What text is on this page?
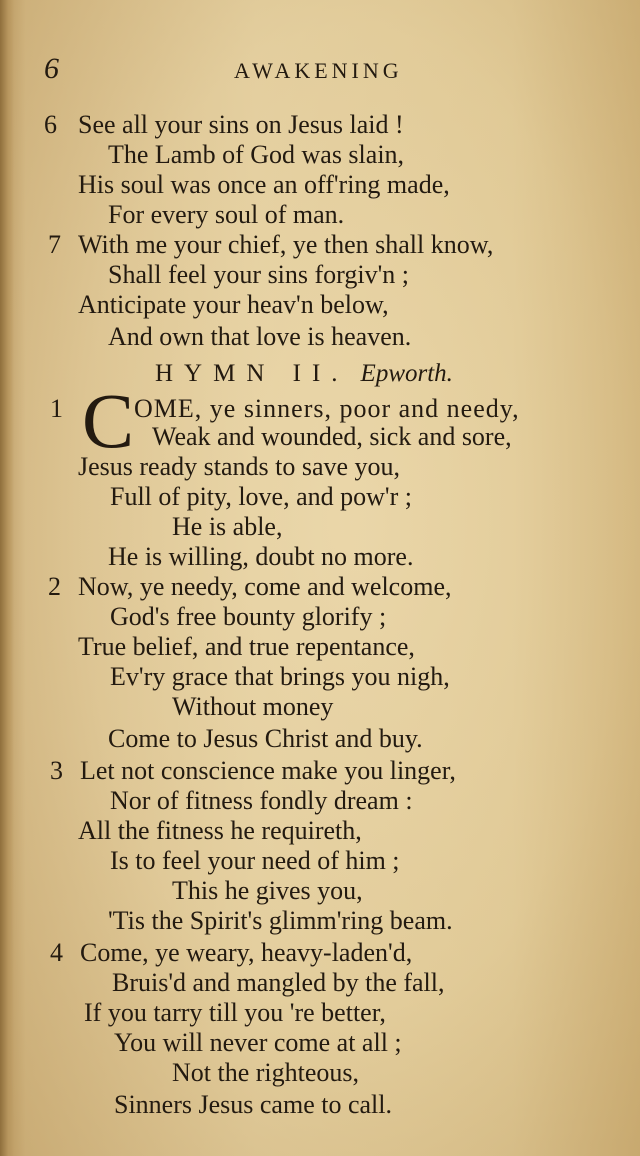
6	AWAKENING
6 See all your sins on Jesus laid !
The Lamb of God was slain,
His soul was once an off'ring made,
For every soul of man.
7 With me your chief, ye then shall know,
Shall feel your sins forgiv'n ;
Anticipate your heav'n below,
And own that love is heaven.
HYMN II. Epworth.
1 C OME, ye sinners, poor and needy,
Weak and wounded, sick and sore,
Jesus ready stands to save you,
Full of pity, love, and pow'r ;
He is able,
He is willing, doubt no more.
2 Now, ye needy, come and welcome,
God's free bounty glorify ;
True belief, and true repentance,
Ev'ry grace that brings you nigh,
Without money
Come to Jesus Christ and buy.
3 Let not conscience make you linger,
Nor of fitness fondly dream :
All the fitness he requireth,
Is to feel your need of him ;
This he gives you,
'Tis the Spirit's glimm'ring beam.
4 Come, ye weary, heavy-laden'd,
Bruis'd and mangled by the fall,
If you tarry till you 're better,
You will never come at all ;
Not the righteous,
Sinners Jesus came to call.
